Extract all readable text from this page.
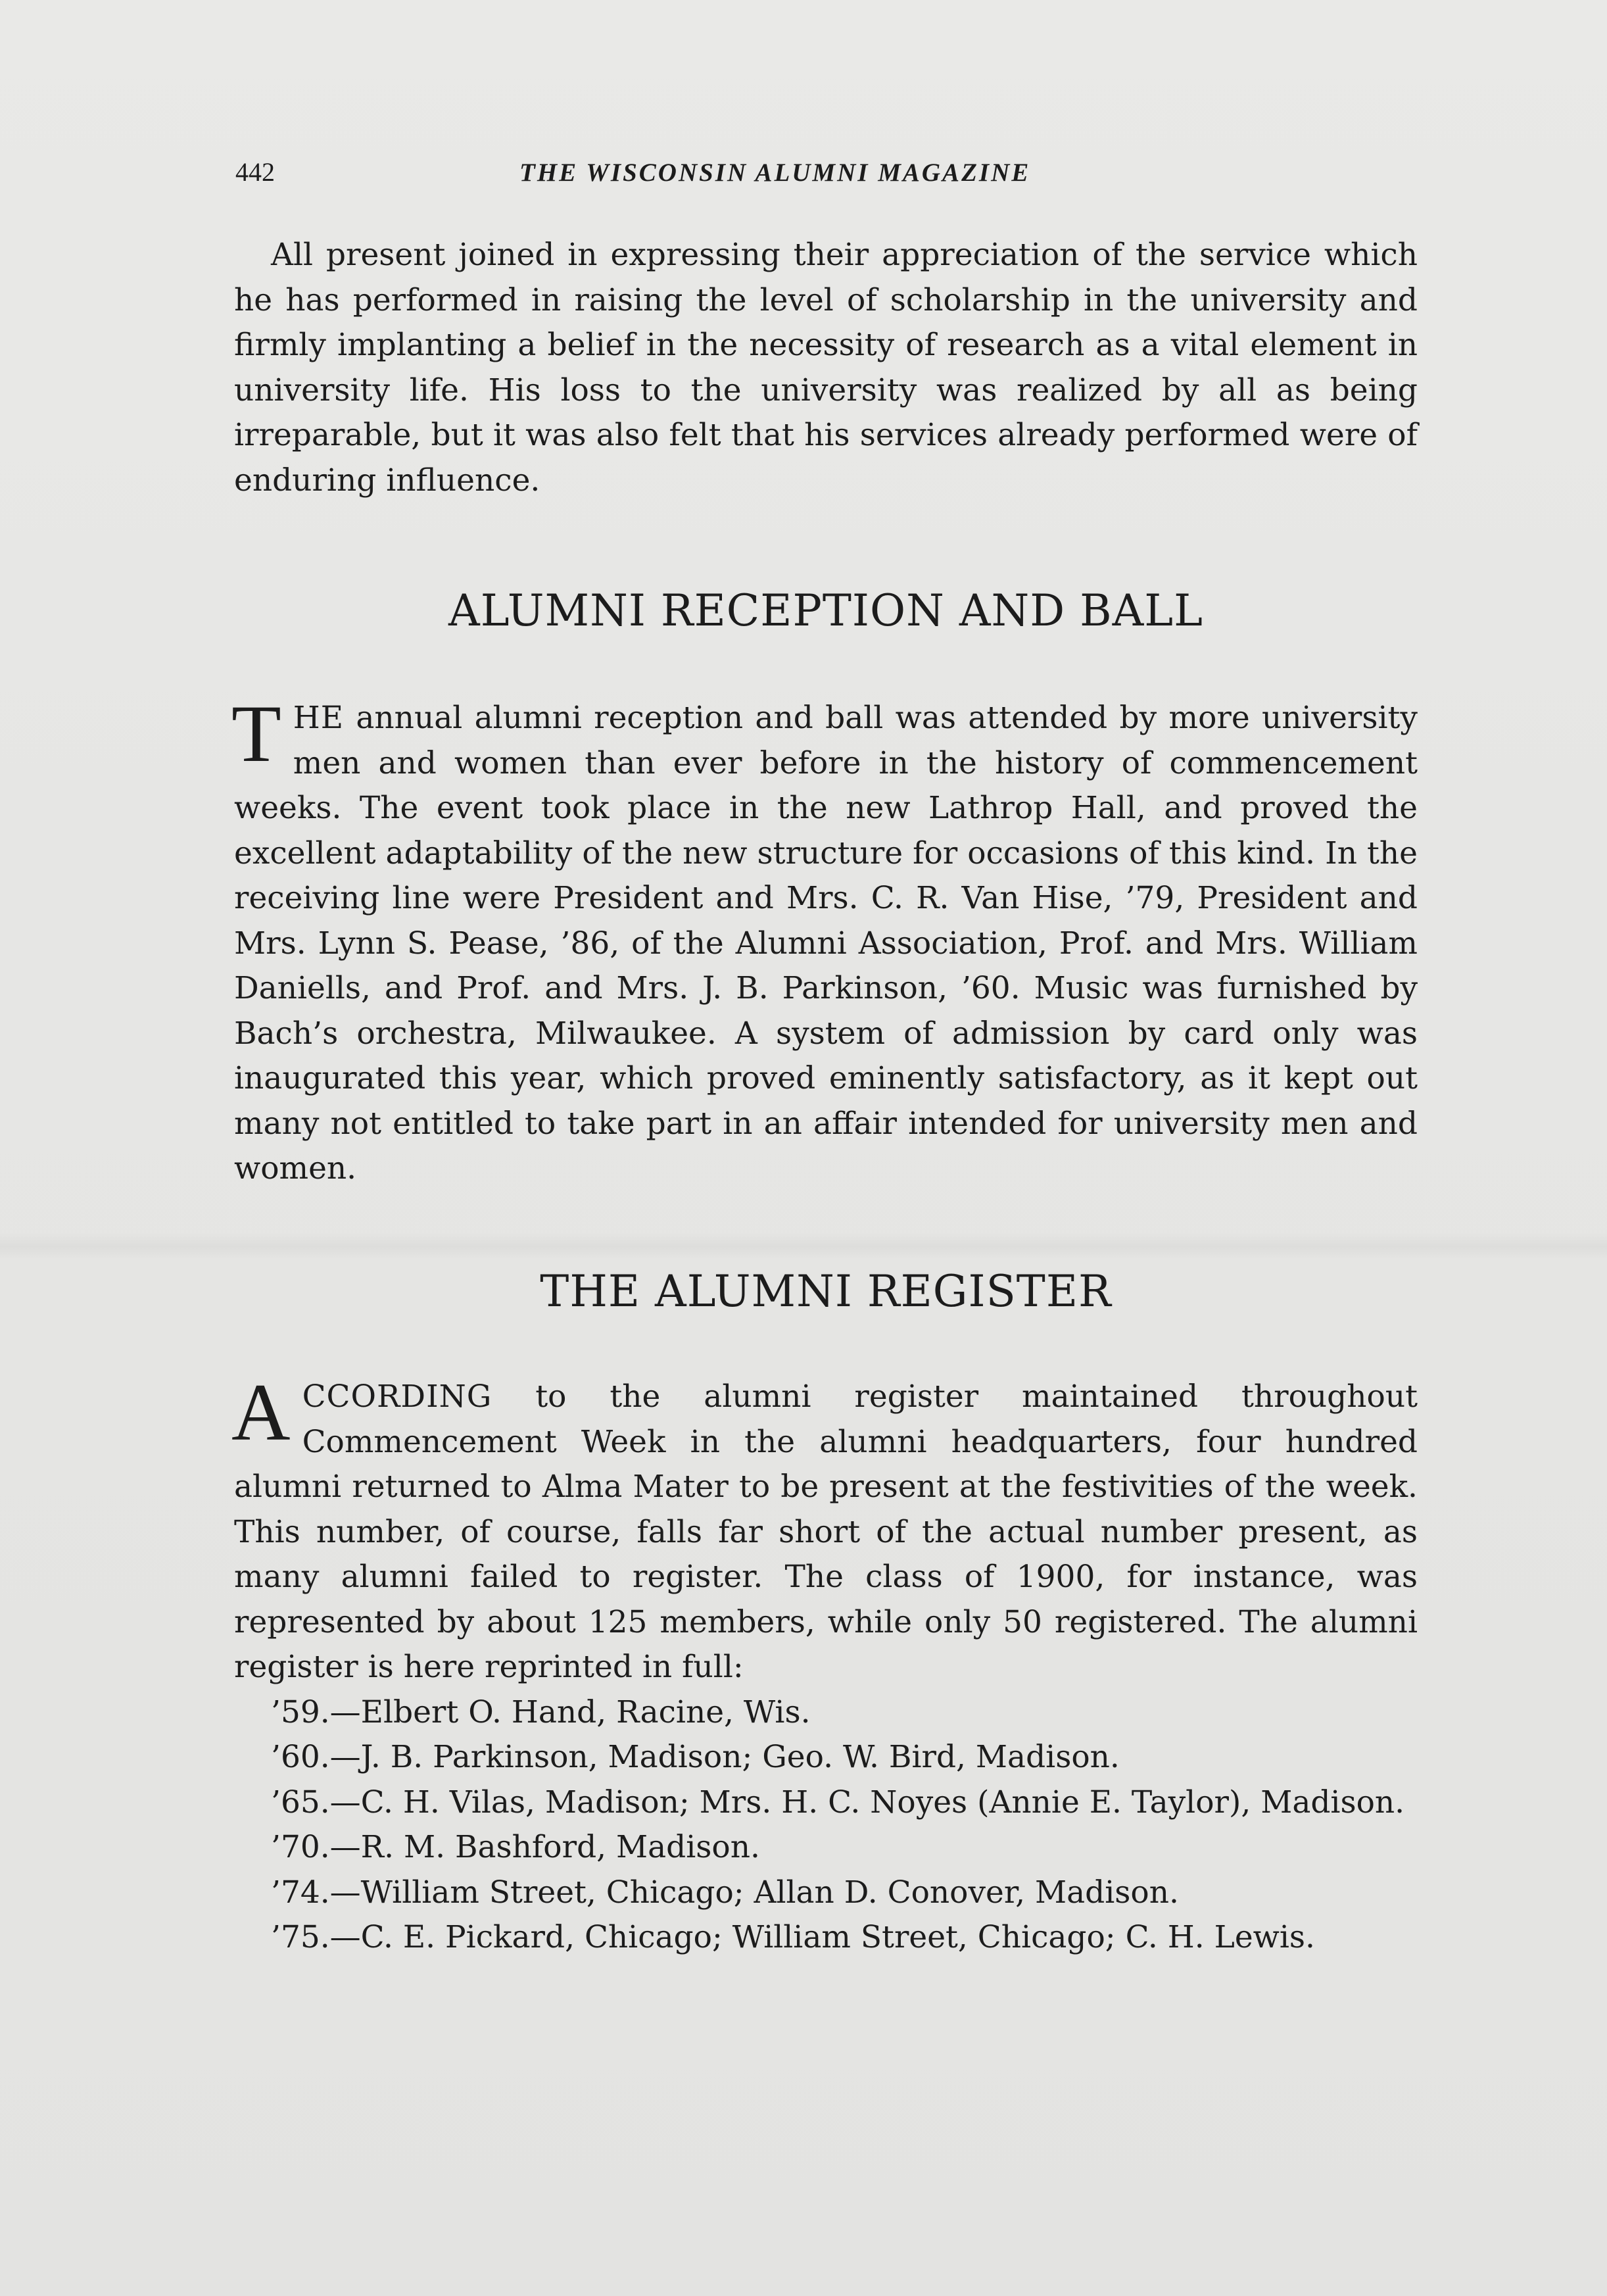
442	THE WISCONSIN ALUMNI MAGAZINE

All present joined in expressing their appreciation of the service which he has performed in raising the level of scholarship in the university and firmly implanting a belief in the necessity of research as a vital element in university life. His loss to the university was realized by all as being irreparable, but it was also felt that his services already performed were of enduring influence.

ALUMNI RECEPTION AND BALL

THE annual alumni reception and ball was attended by more university men and women than ever before in the history of commencement weeks. The event took place in the new Lathrop Hall, and proved the excellent adaptability of the new structure for occasions of this kind. In the receiving line were President and Mrs. C. R. Van Hise, ’79, President and Mrs. Lynn S. Pease, ’86, of the Alumni Association, Prof. and Mrs. William Daniells, and Prof. and Mrs. J. B. Parkinson, ’60. Music was furnished by Bach’s orchestra, Milwaukee. A system of admission by card only was inaugurated this year, which proved eminently satisfactory, as it kept out many not entitled to take part in an affair intended for university men and women.

THE ALUMNI REGISTER

ACCORDING to the alumni register maintained throughout Commencement Week in the alumni headquarters, four hundred alumni returned to Alma Mater to be present at the festivities of the week. This number, of course, falls far short of the actual number present, as many alumni failed to register. The class of 1900, for instance, was represented by about 125 members, while only 50 registered. The alumni register is here reprinted in full:

’59.—Elbert O. Hand, Racine, Wis.

’60.—J. B. Parkinson, Madison; Geo. W. Bird, Madison.

’65.—C. H. Vilas, Madison; Mrs. H. C. Noyes (Annie E. Taylor), Madison.

’70.—R. M. Bashford, Madison.

’74.—William Street, Chicago; Allan D. Conover, Madison.

’75.—C. E. Pickard, Chicago; William Street, Chicago; C. H. Lewis.
